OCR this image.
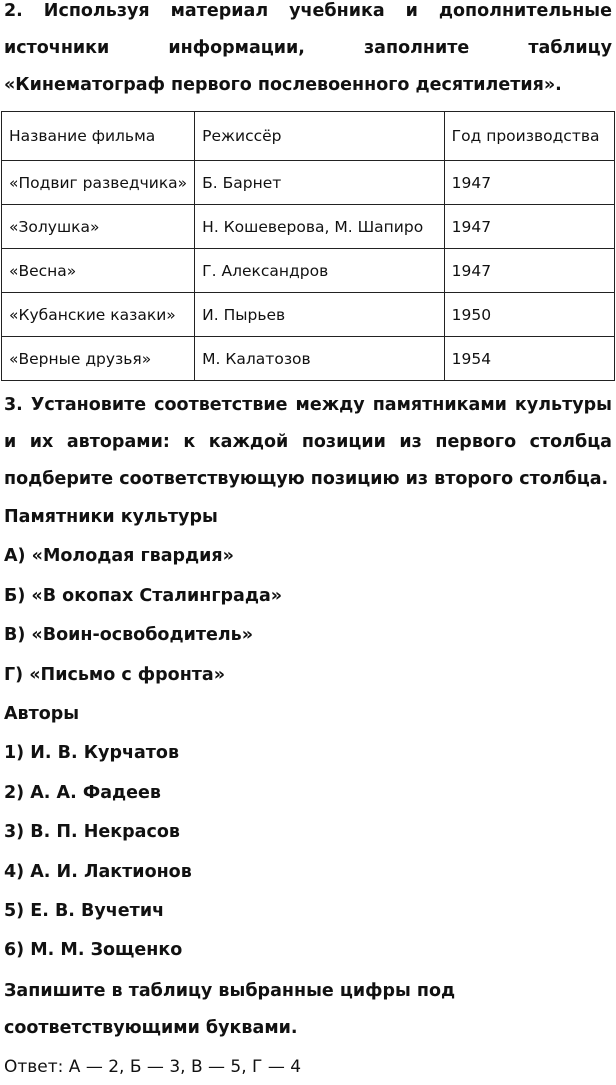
2. Используя материал учебника и дополнительные источники информации, заполните таблицу «Кинематограф первого послевоенного десятилетия».

Название фильма	Режиссёр	Год производства
«Подвиг разведчика»	Б. Барнет	1947
«Золушка»	Н. Кошеверова, М. Шапиро	1947
«Весна»	Г. Александров	1947
«Кубанские казаки»	И. Пырьев	1950
«Верные друзья»	М. Калатозов	1954

3. Установите соответствие между памятниками культуры и их авторами: к каждой позиции из первого столбца подберите соответствующую позицию из второго столбца.

Памятники культуры

А) «Молодая гвардия»

Б) «В окопах Сталинграда»

В) «Воин-освободитель»

Г) «Письмо с фронта»

Авторы

1) И. В. Курчатов

2) А. А. Фадеев

3) В. П. Некрасов

4) А. И. Лактионов

5) Е. В. Вучетич

6) М. М. Зощенко

Запишите в таблицу выбранные цифры под соответствующими буквами.

Ответ: А — 2, Б — 3, В — 5, Г — 4
